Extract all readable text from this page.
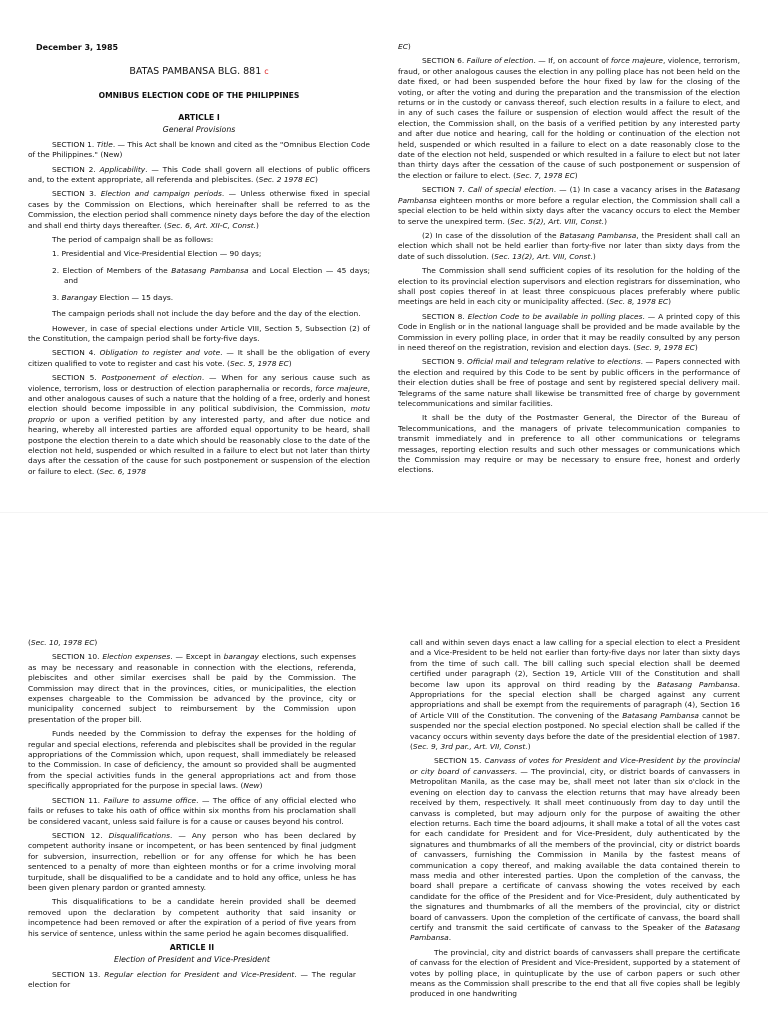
December 3, 1985
BATAS PAMBANSA BLG. 881 c
OMNIBUS ELECTION CODE OF THE PHILIPPINES
ARTICLE I
General Provisions

SECTION 1. Title. — This Act shall be known and cited as the "Omnibus Election Code of the Philippines." (New)

SECTION 2. Applicability. — This Code shall govern all elections of public officers and, to the extent appropriate, all referenda and plebiscites. (Sec. 2 1978 EC)

SECTION 3. Election and campaign periods. — Unless otherwise fixed in special cases by the Commission on Elections, which hereinafter shall be referred to as the Commission, the election period shall commence ninety days before the day of the election and shall end thirty days thereafter. (Sec. 6, Art. XII-C, Const.)

The period of campaign shall be as follows:

1. Presidential and Vice-Presidential Election — 90 days;

2. Election of Members of the Batasang Pambansa and Local Election — 45 days; and

3. Barangay Election — 15 days.

The campaign periods shall not include the day before and the day of the election.

However, in case of special elections under Article VIII, Section 5, Subsection (2) of the Constitution, the campaign period shall be forty-five days.

SECTION 4. Obligation to register and vote. — It shall be the obligation of every citizen qualified to vote to register and cast his vote. (Sec. 5, 1978 EC)

SECTION 5. Postponement of election. — When for any serious cause such as violence, terrorism, loss or destruction of election paraphernalia or records, force majeure, and other analogous causes of such a nature that the holding of a free, orderly and honest election should become impossible in any political subdivision, the Commission, motu proprio or upon a verified petition by any interested party, and after due notice and hearing, whereby all interested parties are afforded equal opportunity to be heard, shall postpone the election therein to a date which should be reasonably close to the date of the election not held, suspended or which resulted in a failure to elect but not later than thirty days after the cessation of the cause for such postponement or suspension of the election or failure to elect. (Sec. 6, 1978

EC)

SECTION 6. Failure of election. — If, on account of force majeure, violence, terrorism, fraud, or other analogous causes the election in any polling place has not been held on the date fixed, or had been suspended before the hour fixed by law for the closing of the voting, or after the voting and during the preparation and the transmission of the election returns or in the custody or canvass thereof, such election results in a failure to elect, and in any of such cases the failure or suspension of election would affect the result of the election, the Commission shall, on the basis of a verified petition by any interested party and after due notice and hearing, call for the holding or continuation of the election not held, suspended or which resulted in a failure to elect on a date reasonably close to the date of the election not held, suspended or which resulted in a failure to elect but not later than thirty days after the cessation of the cause of such postponement or suspension of the election or failure to elect. (Sec. 7, 1978 EC)

SECTION 7. Call of special election. — (1) In case a vacancy arises in the Batasang Pambansa eighteen months or more before a regular election, the Commission shall call a special election to be held within sixty days after the vacancy occurs to elect the Member to serve the unexpired term. (Sec. 5(2), Art. VIII, Const.)

(2) In case of the dissolution of the Batasang Pambansa, the President shall call an election which shall not be held earlier than forty-five nor later than sixty days from the date of such dissolution. (Sec. 13(2), Art. VIII, Const.)

The Commission shall send sufficient copies of its resolution for the holding of the election to its provincial election supervisors and election registrars for dissemination, who shall post copies thereof in at least three conspicuous places preferably where public meetings are held in each city or municipality affected. (Sec. 8, 1978 EC)

SECTION 8. Election Code to be available in polling places. — A printed copy of this Code in English or in the national language shall be provided and be made available by the Commission in every polling place, in order that it may be readily consulted by any person in need thereof on the registration, revision and election days. (Sec. 9, 1978 EC)

SECTION 9. Official mail and telegram relative to elections. — Papers connected with the election and required by this Code to be sent by public officers in the performance of their election duties shall be free of postage and sent by registered special delivery mail. Telegrams of the same nature shall likewise be transmitted free of charge by government telecommunications and similar facilities.

It shall be the duty of the Postmaster General, the Director of the Bureau of Telecommunications, and the managers of private telecommunication companies to transmit immediately and in preference to all other communications or telegrams messages, reporting election results and such other messages or communications which the Commission may require or may be necessary to ensure free, honest and orderly elections.

(Sec. 10, 1978 EC)

SECTION 10. Election expenses. — Except in barangay elections, such expenses as may be necessary and reasonable in connection with the elections, referenda, plebiscites and other similar exercises shall be paid by the Commission. The Commission may direct that in the provinces, cities, or municipalities, the election expenses chargeable to the Commission be advanced by the province, city or municipality concerned subject to reimbursement by the Commission upon presentation of the proper bill.

Funds needed by the Commission to defray the expenses for the holding of regular and special elections, referenda and plebiscites shall be provided in the regular appropriations of the Commission which, upon request, shall immediately be released to the Commission. In case of deficiency, the amount so provided shall be augmented from the special activities funds in the general appropriations act and from those specifically appropriated for the purpose in special laws. (New)

SECTION 11. Failure to assume office. — The office of any official elected who fails or refuses to take his oath of office within six months from his proclamation shall be considered vacant, unless said failure is for a cause or causes beyond his control.

SECTION 12. Disqualifications. — Any person who has been declared by competent authority insane or incompetent, or has been sentenced by final judgment for subversion, insurrection, rebellion or for any offense for which he has been sentenced to a penalty of more than eighteen months or for a crime involving moral turpitude, shall be disqualified to be a candidate and to hold any office, unless he has been given plenary pardon or granted amnesty.

This disqualifications to be a candidate herein provided shall be deemed removed upon the declaration by competent authority that said insanity or incompetence had been removed or after the expiration of a period of five years from his service of sentence, unless within the same period he again becomes disqualified.

ARTICLE II
Election of President and Vice-President

SECTION 13. Regular election for President and Vice-President. — The regular election for

call and within seven days enact a law calling for a special election to elect a President and a Vice-President to be held not earlier than forty-five days nor later than sixty days from the time of such call. The bill calling such special election shall be deemed certified under paragraph (2), Section 19, Article VIII of the Constitution and shall become law upon its approval on third reading by the Batasang Pambansa. Appropriations for the special election shall be charged against any current appropriations and shall be exempt from the requirements of paragraph (4), Section 16 of Article VIII of the Constitution. The convening of the Batasang Pambansa cannot be suspended nor the special election postponed. No special election shall be called if the vacancy occurs within seventy days before the date of the presidential election of 1987. (Sec. 9, 3rd par., Art. VII, Const.)

SECTION 15. Canvass of votes for President and Vice-President by the provincial or city board of canvassers. — The provincial, city, or district boards of canvassers in Metropolitan Manila, as the case may be, shall meet not later than six o'clock in the evening on election day to canvass the election returns that may have already been received by them, respectively. It shall meet continuously from day to day until the canvass is completed, but may adjourn only for the purpose of awaiting the other election returns. Each time the board adjourns, it shall make a total of all the votes cast for each candidate for President and for Vice-President, duly authenticated by the signatures and thumbmarks of all the members of the provincial, city or district boards of canvassers, furnishing the Commission in Manila by the fastest means of communication a copy thereof, and making available the data contained therein to mass media and other interested parties. Upon the completion of the canvass, the board shall prepare a certificate of canvass showing the votes received by each candidate for the office of the President and for Vice-President, duly authenticated by the signatures and thumbmarks of all the members of the provincial, city or district board of canvassers. Upon the completion of the certificate of canvass, the board shall certify and transmit the said certificate of canvass to the Speaker of the Batasang Pambansa.

The provincial, city and district boards of canvassers shall prepare the certificate of canvass for the election of President and Vice-President, supported by a statement of votes by polling place, in quintuplicate by the use of carbon papers or such other means as the Commission shall prescribe to the end that all five copies shall be legibly produced in one handwriting
